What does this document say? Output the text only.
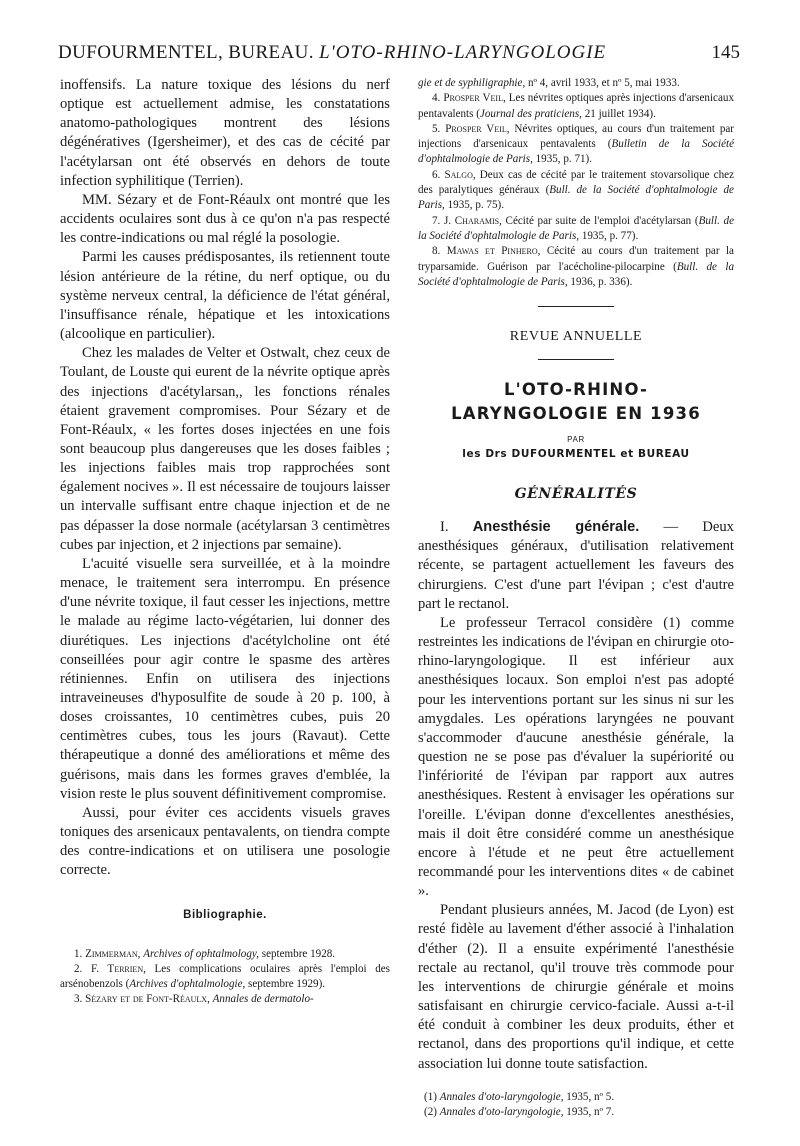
DUFOURMENTEL, BUREAU. L'OTO-RHINO-LARYNGOLOGIE	145

inoffensifs. La nature toxique des lésions du nerf optique est actuellement admise, les constatations anatomo-pathologiques montrent des lésions dégénératives (Igersheimer), et des cas de cécité par l'acétylarsan ont été observés en dehors de toute infection syphilitique (Terrien).

MM. Sézary et de Font-Réaulx ont montré que les accidents oculaires sont dus à ce qu'on n'a pas respecté les contre-indications ou mal réglé la posologie.

Parmi les causes prédisposantes, ils retiennent toute lésion antérieure de la rétine, du nerf optique, ou du système nerveux central, la déficience de l'état général, l'insuffisance rénale, hépatique et les intoxications (alcoolique en particulier).

Chez les malades de Velter et Ostwalt, chez ceux de Toulant, de Louste qui eurent de la névrite optique après des injections d'acétylarsan,, les fonctions rénales étaient gravement compromises. Pour Sézary et de Font-Réaulx, « les fortes doses injectées en une fois sont beaucoup plus dangereuses que les doses faibles ; les injections faibles mais trop rapprochées sont également nocives ». Il est nécessaire de toujours laisser un intervalle suffisant entre chaque injection et de ne pas dépasser la dose normale (acétylarsan 3 centimètres cubes par injection, et 2 injections par semaine).

L'acuité visuelle sera surveillée, et à la moindre menace, le traitement sera interrompu. En présence d'une névrite toxique, il faut cesser les injections, mettre le malade au régime lacto-végétarien, lui donner des diurétiques. Les injections d'acétylcholine ont été conseillées pour agir contre le spasme des artères rétiniennes. Enfin on utilisera des injections intraveineuses d'hyposulfite de soude à 20 p. 100, à doses croissantes, 10 centimètres cubes, puis 20 centimètres cubes, tous les jours (Ravaut). Cette thérapeutique a donné des améliorations et même des guérisons, mais dans les formes graves d'emblée, la vision reste le plus souvent définitivement compromise.

Aussi, pour éviter ces accidents visuels graves toniques des arsenicaux pentavalents, on tiendra compte des contre-indications et on utilisera une posologie correcte.

Bibliographie.

1. Zimmerman, Archives of ophtalmology, septembre 1928.

2. F. Terrien, Les complications oculaires après l'emploi des arsénobenzols (Archives d'ophtalmologie, septembre 1929).

3. Sézary et de Font-Réaulx, Annales de dermatolo-

gie et de syphiligraphie, nº 4, avril 1933, et nº 5, mai 1933.

4. Prosper Veil, Les névrites optiques après injections d'arsenicaux pentavalents (Journal des praticiens, 21 juillet 1934).

5. Prosper Veil, Névrites optiques, au cours d'un traitement par injections d'arsenicaux pentavalents (Bulletin de la Société d'ophtalmologie de Paris, 1935, p. 71).

6. Salgo, Deux cas de cécité par le traitement stovarsolique chez des paralytiques généraux (Bull. de la Société d'ophtalmologie de Paris, 1935, p. 75).

7. J. Charamis, Cécité par suite de l'emploi d'acétylarsan (Bull. de la Société d'ophtalmologie de Paris, 1935, p. 77).

8. Mawas et Pinhero, Cécité au cours d'un traitement par la tryparsamide. Guérison par l'acécholine-pilocarpine (Bull. de la Société d'ophtalmologie de Paris, 1936, p. 336).

REVUE ANNUELLE
L'OTO-RHINO-
LARYNGOLOGIE EN 1936
PAR
les Drs DUFOURMENTEL et BUREAU
GÉNÉRALITÉS

I. Anesthésie générale. — Deux anesthésiques généraux, d'utilisation relativement récente, se partagent actuellement les faveurs des chirurgiens. C'est d'une part l'évipan ; c'est d'autre part le rectanol.

Le professeur Terracol considère (1) comme restreintes les indications de l'évipan en chirurgie oto-rhino-laryngologique. Il est inférieur aux anesthésiques locaux. Son emploi n'est pas adopté pour les interventions portant sur les sinus ni sur les amygdales. Les opérations laryngées ne pouvant s'accommoder d'aucune anesthésie générale, la question ne se pose pas d'évaluer la supériorité ou l'infériorité de l'évipan par rapport aux autres anesthésiques. Restent à envisager les opérations sur l'oreille. L'évipan donne d'excellentes anesthésies, mais il doit être considéré comme un anesthésique encore à l'étude et ne peut être actuellement recommandé pour les interventions dites « de cabinet ».

Pendant plusieurs années, M. Jacod (de Lyon) est resté fidèle au lavement d'éther associé à l'inhalation d'éther (2). Il a ensuite expérimenté l'anesthésie rectale au rectanol, qu'il trouve très commode pour les interventions de chirurgie générale et moins satisfaisant en chirurgie cervico-faciale. Aussi a-t-il été conduit à combiner les deux produits, éther et rectanol, dans des proportions qu'il indique, et cette association lui donne toute satisfaction.

(1) Annales d'oto-laryngologie, 1935, nº 5.

(2) Annales d'oto-laryngologie, 1935, nº 7.
